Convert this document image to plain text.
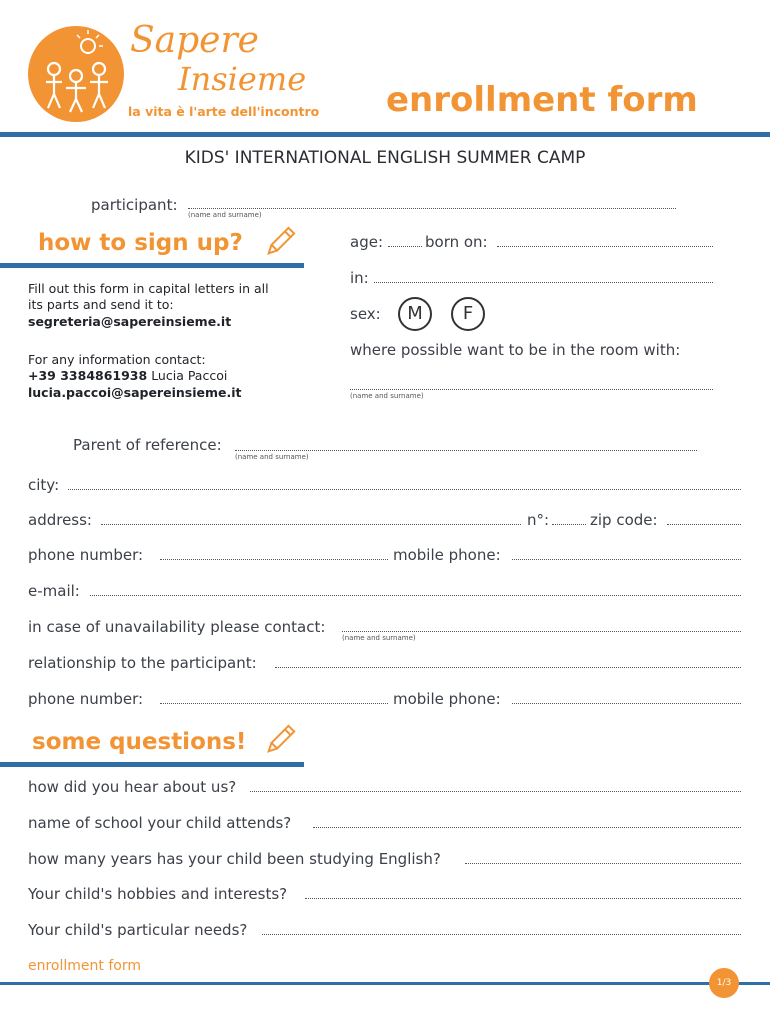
Sapere
Insieme
la vita è l'arte dell'incontro enrollment form
KIDS' INTERNATIONAL ENGLISH SUMMER CAMP
participant:
(name and surname)
how to sign up?
Fill out this form in capital letters in all
its parts and send it to:
segreteria@sapereinsieme.it
For any information contact:
+39 3384861938 Lucia Paccoi
lucia.paccoi@sapereinsieme.it
age:	born on:
in:
sex:	M	F
where possible want to be in the room with:
(name and surname)
Parent of reference:
(name and surname)
city:
address:	n°:	zip code:
phone number:	mobile phone:
e-mail:
in case of unavailability please contact:
(name and surname)
relationship to the participant:
phone number:	mobile phone:
some questions!
how did you hear about us?
name of school your child attends?
how many years has your child been studying English?
Your child's hobbies and interests?
Your child's particular needs?
enrollment form
1/3
